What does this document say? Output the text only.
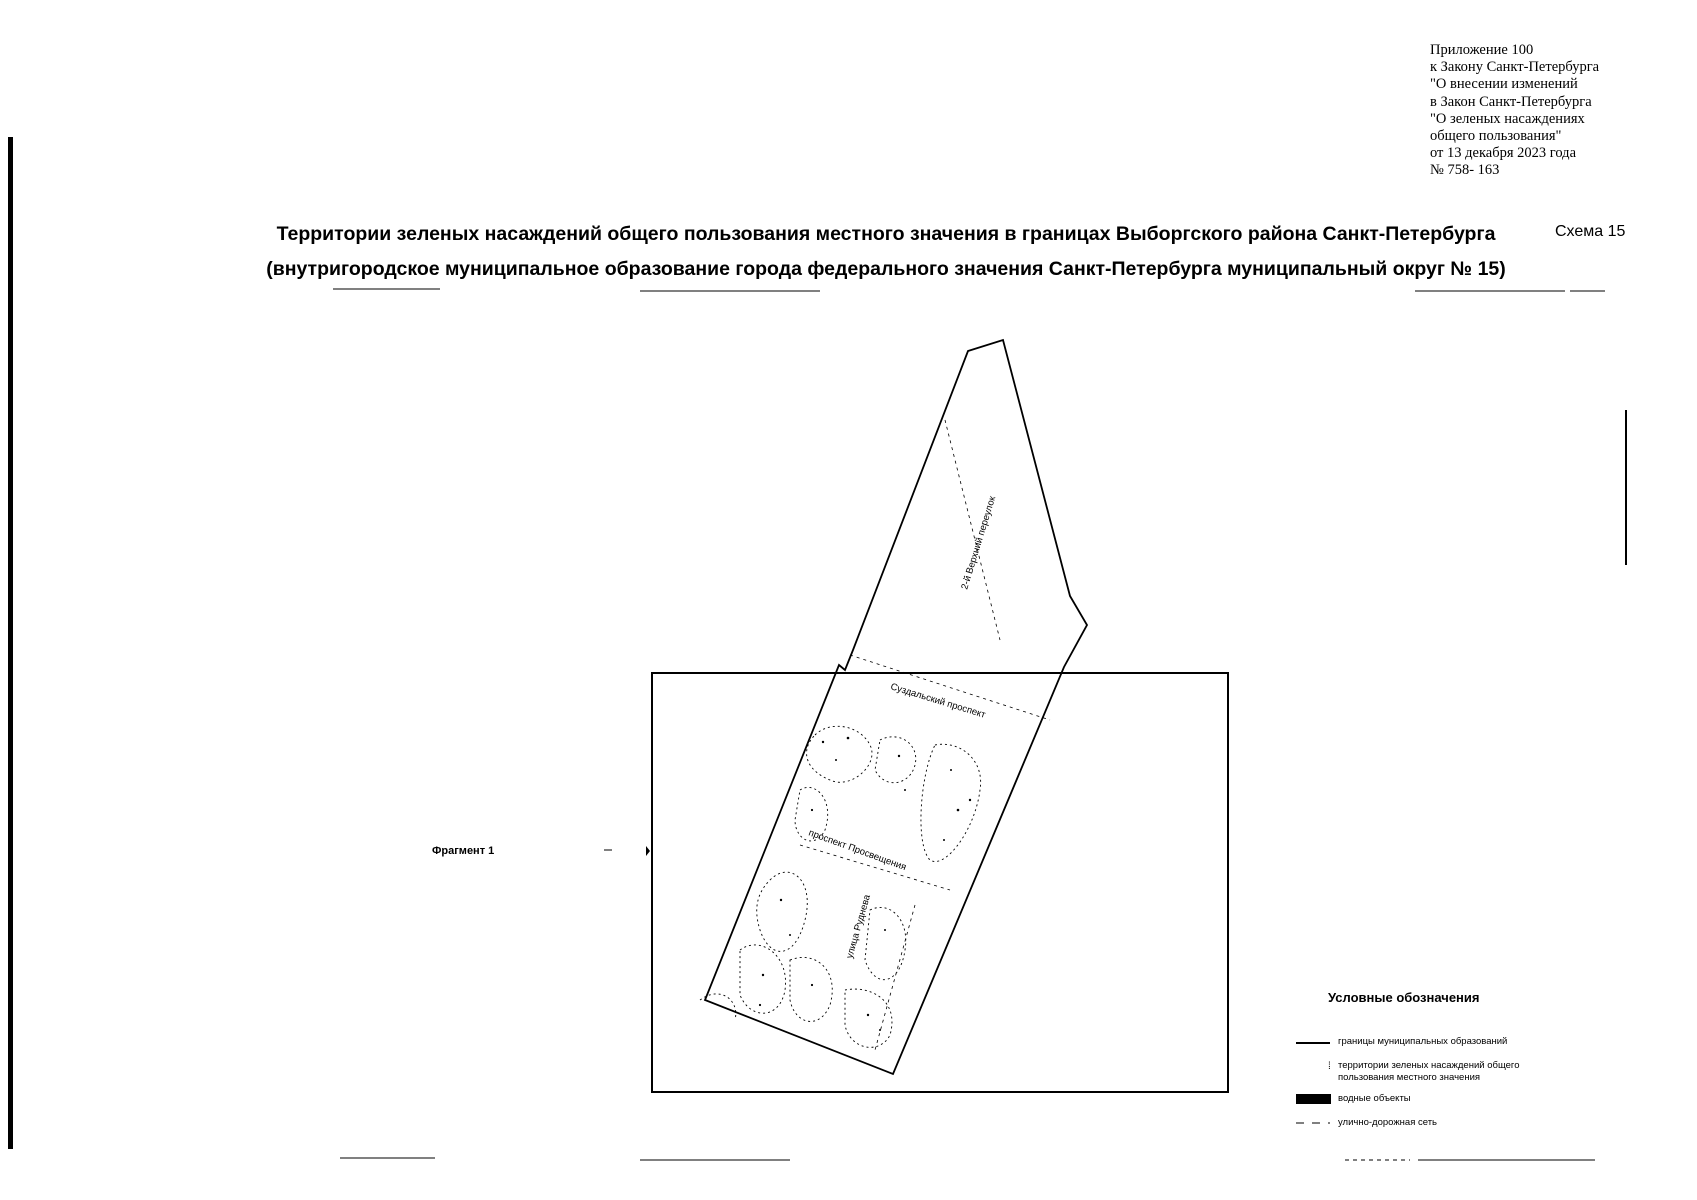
Приложение 100
к Закону Санкт-Петербурга
"О внесении изменений
в Закон Санкт-Петербурга
"О зеленых насаждениях
общего пользования"
от 13 декабря 2023 года
№ 758- 163
Схема 15
Территории зеленых насаждений общего пользования местного значения в границах Выборгского района Санкт-Петербурга
(внутригородское муниципальное образование города федерального значения Санкт-Петербурга муниципальный округ № 15)
2-й Верхний переулок
Суздальский проспект
проспект Просвещения
улица Руднева
⁞
Фрагмент 1
Условные обозначения
границы муниципальных образований
территории зеленых насаждений общего
пользования местного значения
водные объекты
улично-дорожная сеть
